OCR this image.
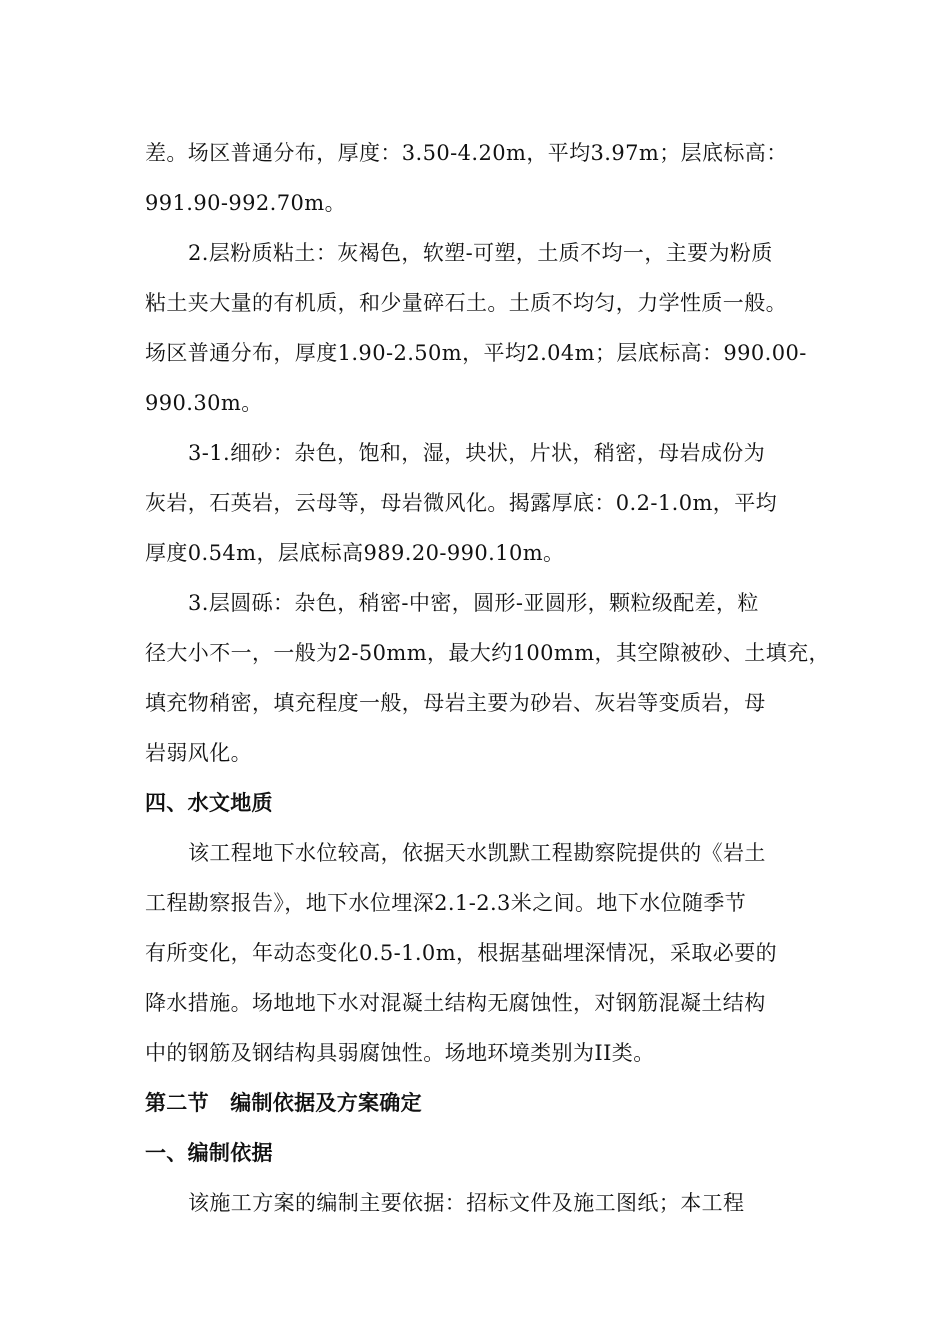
差。场区普通分布，厚度：3.50-4.20m，平均3.97m；层底标高：
991.90-992.70m。
2.层粉质粘土：灰褐色，软塑-可塑，土质不均一，主要为粉质
粘土夹大量的有机质，和少量碎石土。土质不均匀，力学性质一般。
场区普通分布，厚度1.90-2.50m，平均2.04m；层底标高：990.00-
990.30m。
3-1.细砂：杂色，饱和，湿，块状，片状，稍密，母岩成份为
灰岩，石英岩，云母等，母岩微风化。揭露厚底：0.2-1.0m，平均
厚度0.54m，层底标高989.20-990.10m。
3.层圆砾：杂色，稍密-中密，圆形-亚圆形，颗粒级配差，粒
径大小不一，一般为2-50mm，最大约100mm，其空隙被砂、土填充，
填充物稍密，填充程度一般，母岩主要为砂岩、灰岩等变质岩，母
岩弱风化。
四、水文地质
该工程地下水位较高，依据天水凯默工程勘察院提供的《岩土
工程勘察报告》，地下水位埋深2.1-2.3米之间。地下水位随季节
有所变化，年动态变化0.5-1.0m，根据基础埋深情况，采取必要的
降水措施。场地地下水对混凝土结构无腐蚀性，对钢筋混凝土结构
中的钢筋及钢结构具弱腐蚀性。场地环境类别为II类。
第二节　编制依据及方案确定
一、编制依据
该施工方案的编制主要依据：招标文件及施工图纸；本工程
